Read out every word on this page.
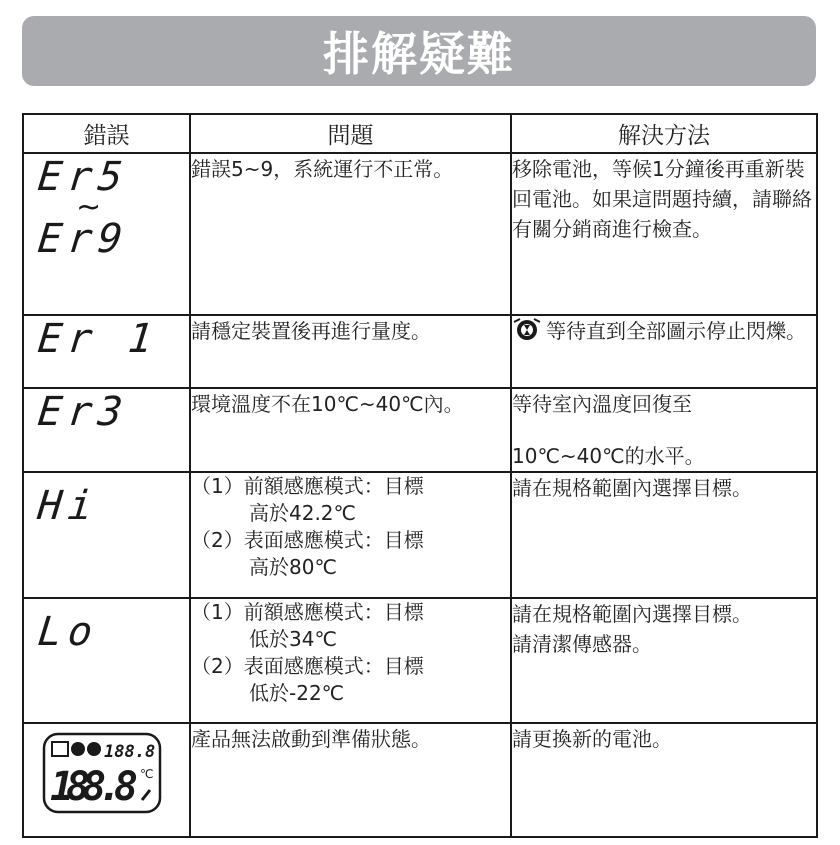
排解疑難
錯誤	問題	解決方法

Er5
~
Er9	錯誤5~9，系統運行不正常。	移除電池，等候1分鐘後再重新裝回電池。如果這問題持續，請聯絡有關分銷商進行檢查。

Er 1	請穩定裝置後再進行量度。	等待直到全部圖示停止閃爍。

Er3	環境溫度不在10℃~40℃內。	等待室內溫度回復至
10℃~40℃的水平。

Hi	（1）前額感應模式：目標
高於42.2℃
（2）表面感應模式：目標
高於80℃	請在規格範圍內選擇目標。

Lo	（1）前額感應模式：目標
低於34℃
（2）表面感應模式：目標
低於-22℃	請在規格範圍內選擇目標。
請清潔傳感器。

188.8
188.8 ℃	產品無法啟動到準備狀態。	請更換新的電池。
